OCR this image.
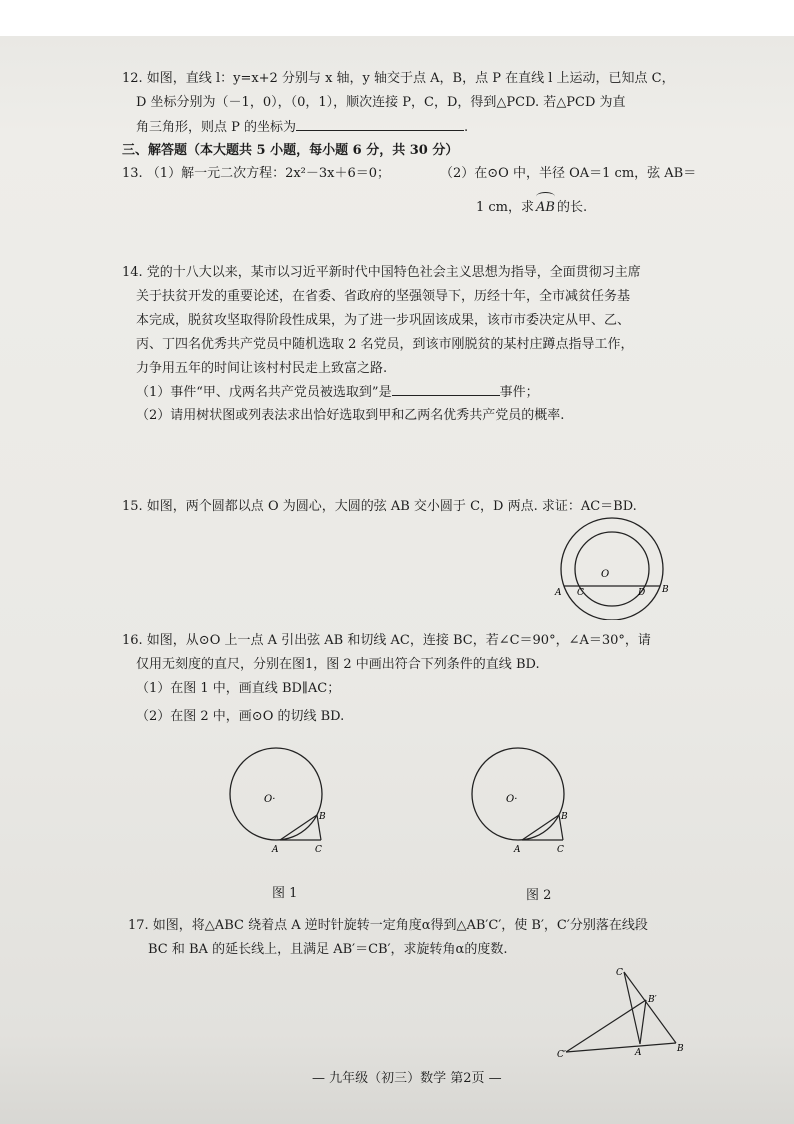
12. 如图，直线 l：y=x+2 分别与 x 轴，y 轴交于点 A，B，点 P 在直线 l 上运动，已知点 C，
D 坐标分别为（－1，0），（0，1），顺次连接 P，C，D，得到△PCD. 若△PCD 为直
角三角形，则点 P 的坐标为	.
三、解答题（本大题共 5 小题，每小题 6 分，共 30 分）
13. （1）解一元二次方程：2x²－3x＋6＝0；	（2）在⊙O 中，半径 OA＝1 cm，弦 AB＝
1 cm，求 AB 的长.
14. 党的十八大以来，某市以习近平新时代中国特色社会主义思想为指导，全面贯彻习主席
关于扶贫开发的重要论述，在省委、省政府的坚强领导下，历经十年，全市减贫任务基
本完成，脱贫攻坚取得阶段性成果，为了进一步巩固该成果，该市市委决定从甲、乙、
丙、丁四名优秀共产党员中随机选取 2 名党员，到该市刚脱贫的某村庄蹲点指导工作，
力争用五年的时间让该村村民走上致富之路.
（1）事件“甲、戊两名共产党员被选取到”是	事件；
（2）请用树状图或列表法求出恰好选取到甲和乙两名优秀共产党员的概率.
15. 如图，两个圆都以点 O 为圆心，大圆的弦 AB 交小圆于 C，D 两点. 求证：AC＝BD.
O
A C	D B
16. 如图，从⊙O 上一点 A 引出弦 AB 和切线 AC，连接 BC，若∠C＝90°，∠A＝30°，请
仅用无刻度的直尺，分别在图1，图 2 中画出符合下列条件的直线 BD.
（1）在图 1 中，画直线 BD∥AC；
（2）在图 2 中，画⊙O 的切线 BD.
O·
A
B
C
图 1
O·
A
B
C
图 2
17. 如图，将△ABC 绕着点 A 逆时针旋转一定角度α得到△AB′C′，使 B′，C′分别落在线段
BC 和 BA 的延长线上，且满足 AB′＝CB′，求旋转角α的度数.
C
B′
C′	A	B
— 九年级（初三）数学 第2页 —
